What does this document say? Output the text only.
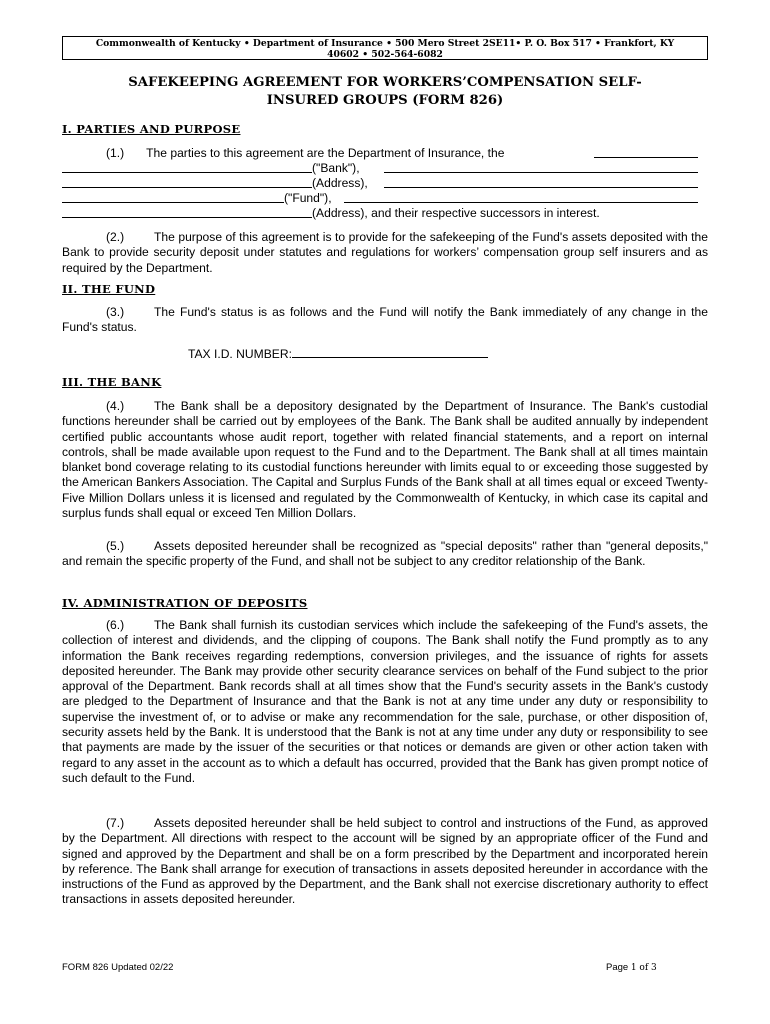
Commonwealth of Kentucky • Department of Insurance • 500 Mero Street 2SE11• P. O. Box 517 • Frankfort, KY
40602 • 502-564-6082
SAFEKEEPING AGREEMENT FOR WORKERS’COMPENSATION SELF-
INSURED GROUPS (FORM 826)
I. PARTIES AND PURPOSE
(1.) The parties to this agreement are the Department of Insurance, the
("Bank"),
(Address),
("Fund"),
(Address), and their respective successors in interest.
(2.) The purpose of this agreement is to provide for the safekeeping of the Fund's assets deposited with the Bank to provide security deposit under statutes and regulations for workers’ compensation group self insurers and as required by the Department.
II. THE FUND
(3.) The Fund's status is as follows and the Fund will notify the Bank immediately of any change in the Fund's status.
TAX I.D. NUMBER:
III. THE BANK
(4.) The Bank shall be a depository designated by the Department of Insurance. The Bank's custodial functions hereunder shall be carried out by employees of the Bank. The Bank shall be audited annually by independent certified public accountants whose audit report, together with related financial statements, and a report on internal controls, shall be made available upon request to the Fund and to the Department. The Bank shall at all times maintain blanket bond coverage relating to its custodial functions hereunder with limits equal to or exceeding those suggested by the American Bankers Association. The Capital and Surplus Funds of the Bank shall at all times equal or exceed Twenty-Five Million Dollars unless it is licensed and regulated by the Commonwealth of Kentucky, in which case its capital and surplus funds shall equal or exceed Ten Million Dollars.
(5.) Assets deposited hereunder shall be recognized as "special deposits" rather than "general deposits," and remain the specific property of the Fund, and shall not be subject to any creditor relationship of the Bank.
IV. ADMINISTRATION OF DEPOSITS
(6.) The Bank shall furnish its custodian services which include the safekeeping of the Fund's assets, the collection of interest and dividends, and the clipping of coupons. The Bank shall notify the Fund promptly as to any information the Bank receives regarding redemptions, conversion privileges, and the issuance of rights for assets deposited hereunder. The Bank may provide other security clearance services on behalf of the Fund subject to the prior approval of the Department. Bank records shall at all times show that the Fund's security assets in the Bank's custody are pledged to the Department of Insurance and that the Bank is not at any time under any duty or responsibility to supervise the investment of, or to advise or make any recommendation for the sale, purchase, or other disposition of, security assets held by the Bank. It is understood that the Bank is not at any time under any duty or responsibility to see that payments are made by the issuer of the securities or that notices or demands are given or other action taken with regard to any asset in the account as to which a default has occurred, provided that the Bank has given prompt notice of such default to the Fund.
(7.) Assets deposited hereunder shall be held subject to control and instructions of the Fund, as approved by the Department. All directions with respect to the account will be signed by an appropriate officer of the Fund and signed and approved by the Department and shall be on a form prescribed by the Department and incorporated herein by reference. The Bank shall arrange for execution of transactions in assets deposited hereunder in accordance with the instructions of the Fund as approved by the Department, and the Bank shall not exercise discretionary authority to effect transactions in assets deposited hereunder.
FORM 826 Updated 02/22	Page 1 of 3
